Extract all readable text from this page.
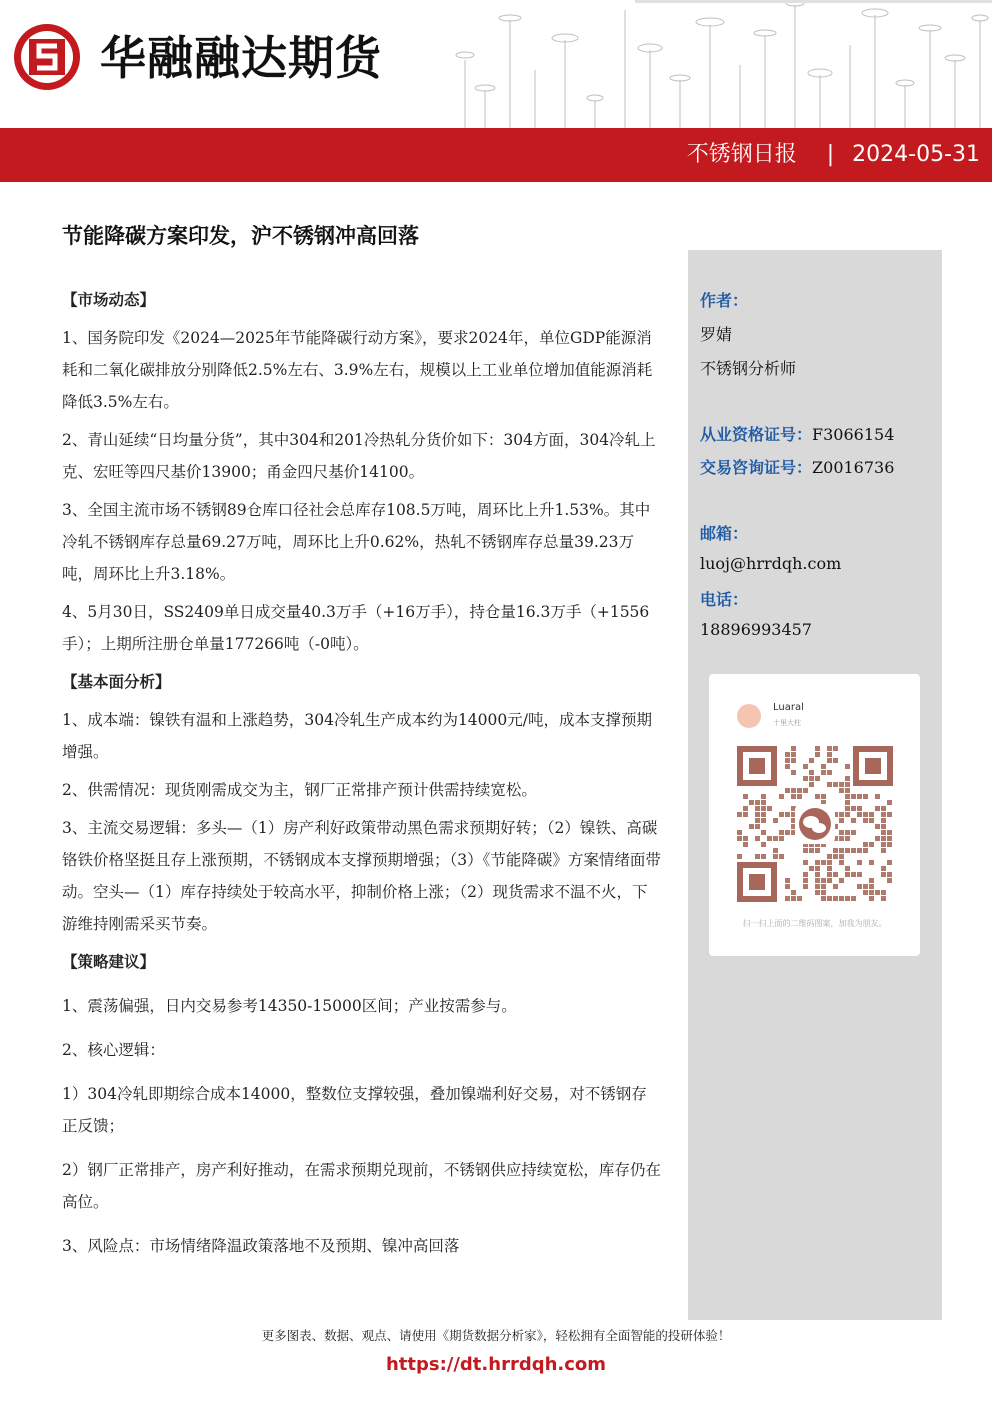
华融融达期货
不锈钢日报 | 2024-05-31
节能降碳方案印发，沪不锈钢冲高回落

【市场动态】

1、国务院印发《2024—2025年节能降碳行动方案》，要求2024年，单位GDP能源消耗和二氧化碳排放分别降低2.5%左右、3.9%左右，规模以上工业单位增加值能源消耗降低3.5%左右。

2、青山延续“日均量分货”，其中304和201冷热轧分货价如下：304方面，304冷轧上克、宏旺等四尺基价13900；甬金四尺基价14100。

3、全国主流市场不锈钢89仓库口径社会总库存108.5万吨，周环比上升1.53%。其中冷轧不锈钢库存总量69.27万吨，周环比上升0.62%，热轧不锈钢库存总量39.23万吨，周环比上升3.18%。

4、5月30日，SS2409单日成交量40.3万手（+16万手），持仓量16.3万手（+1556手）；上期所注册仓单量177266吨（-0吨）。

【基本面分析】

1、成本端：镍铁有温和上涨趋势，304冷轧生产成本约为14000元/吨，成本支撑预期增强。

2、供需情况：现货刚需成交为主，钢厂正常排产预计供需持续宽松。

3、主流交易逻辑：多头—（1）房产利好政策带动黑色需求预期好转；（2）镍铁、高碳铬铁价格坚挺且存上涨预期，不锈钢成本支撑预期增强；（3）《节能降碳》方案情绪面带动。空头—（1）库存持续处于较高水平，抑制价格上涨；（2）现货需求不温不火，下游维持刚需采买节奏。

【策略建议】

1、震荡偏强，日内交易参考14350-15000区间；产业按需参与。

2、核心逻辑：

1）304冷轧即期综合成本14000，整数位支撑较强，叠加镍端利好交易，对不锈钢存正反馈；

2）钢厂正常排产，房产利好推动，在需求预期兑现前，不锈钢供应持续宽松，库存仍在高位。

3、风险点：市场情绪降温政策落地不及预期、镍冲高回落

作者：
罗婧
不锈钢分析师
从业资格证号：F3066154
交易咨询证号：Z0016736
邮箱：
luoj@hrrdqh.com
电话：
18896993457
Luaral
十里大柱
扫一扫上面的二维码图案，加我为朋友。
更多图表、数据、观点、请使用《期货数据分析家》，轻松拥有全面智能的投研体验！
https://dt.hrrdqh.com
